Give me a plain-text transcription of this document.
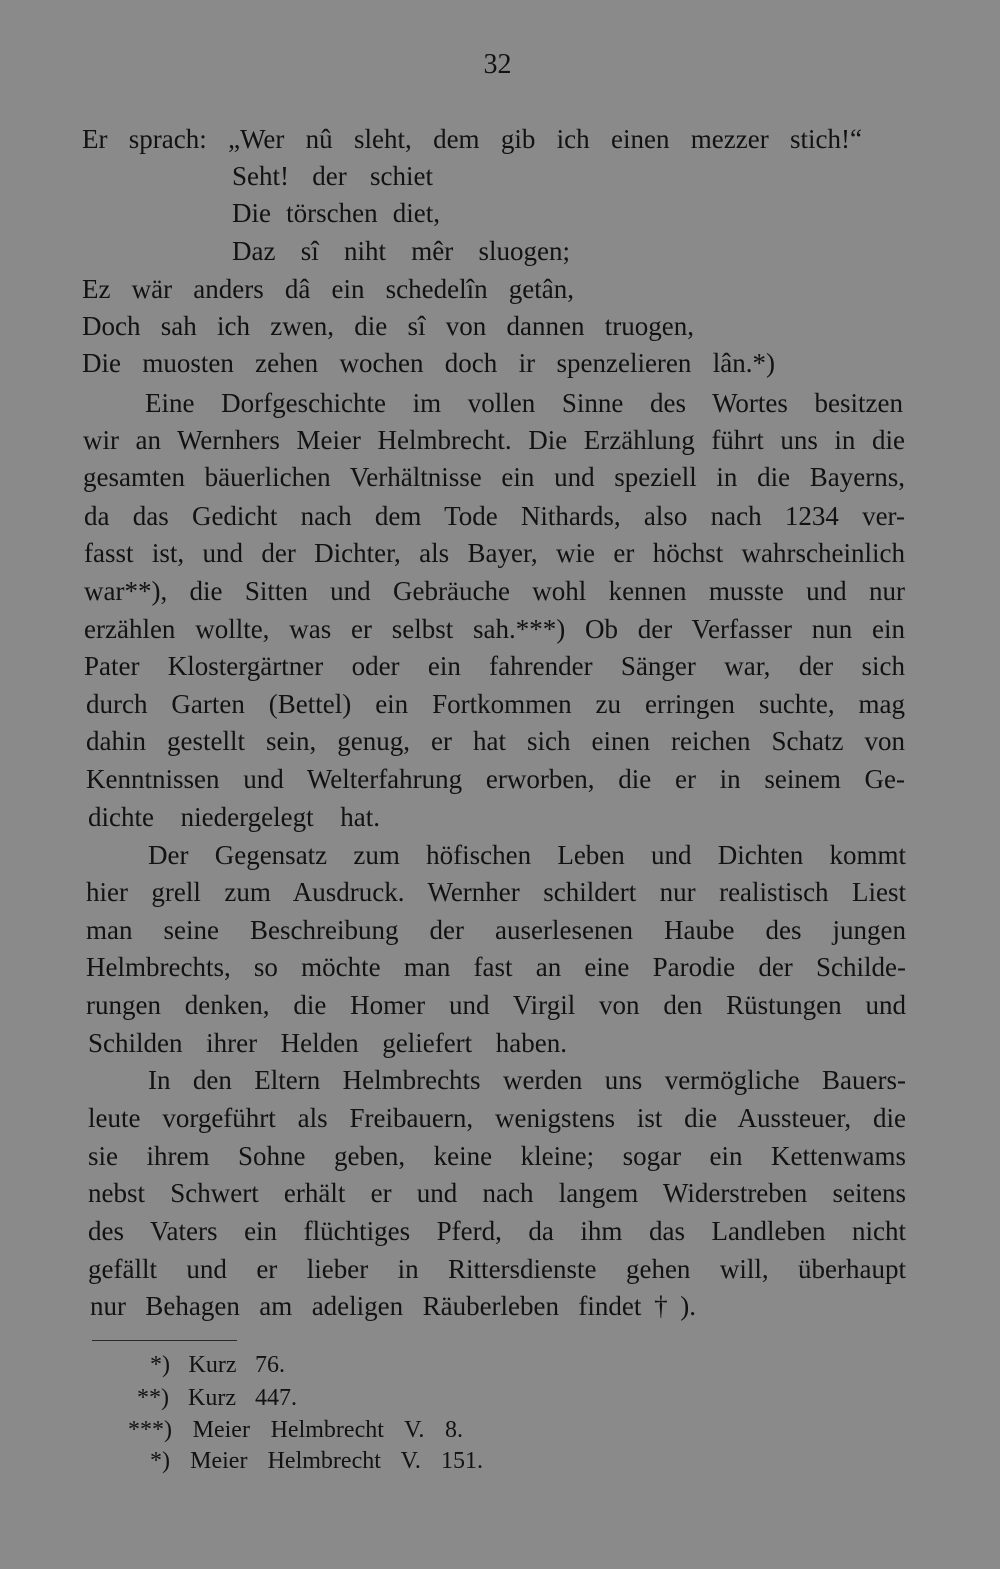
32
Er sprach: „Wer nû sleht, dem gib ich einen mezzer stich!“
Seht! der schiet
Die törschen diet,
Daz sî niht mêr sluogen;
Ez wär anders dâ ein schedelîn getân,
Doch sah ich zwen, die sî von dannen truogen,
Die muosten zehen wochen doch ir spenzelieren lân.*)
Eine Dorfgeschichte im vollen Sinne des Wortes besitzen
wir an Wernhers Meier Helmbrecht. Die Erzählung führt uns in die
gesamten bäuerlichen Verhältnisse ein und speziell in die Bayerns,
da das Gedicht nach dem Tode Nithards, also nach 1234 ver-
fasst ist, und der Dichter, als Bayer, wie er höchst wahrscheinlich
war**), die Sitten und Gebräuche wohl kennen musste und nur
erzählen wollte, was er selbst sah.***) Ob der Verfasser nun ein
Pater Klostergärtner oder ein fahrender Sänger war, der sich
durch Garten (Bettel) ein Fortkommen zu erringen suchte, mag
dahin gestellt sein, genug, er hat sich einen reichen Schatz von
Kenntnissen und Welterfahrung erworben, die er in seinem Ge-
dichte niedergelegt hat.
Der Gegensatz zum höfischen Leben und Dichten kommt
hier grell zum Ausdruck. Wernher schildert nur realistisch Liest
man seine Beschreibung der auserlesenen Haube des jungen
Helmbrechts, so möchte man fast an eine Parodie der Schilde-
rungen denken, die Homer und Virgil von den Rüstungen und
Schilden ihrer Helden geliefert haben.
In den Eltern Helmbrechts werden uns vermögliche Bauers-
leute vorgeführt als Freibauern, wenigstens ist die Aussteuer, die
sie ihrem Sohne geben, keine kleine; sogar ein Kettenwams
nebst Schwert erhält er und nach langem Widerstreben seitens
des Vaters ein flüchtiges Pferd, da ihm das Landleben nicht
gefällt und er lieber in Rittersdienste gehen will, überhaupt
nur Behagen am adeligen Räuberleben findet†).
*) Kurz 76.
**) Kurz 447.
***) Meier Helmbrecht V. 8.
*) Meier Helmbrecht V. 151.
